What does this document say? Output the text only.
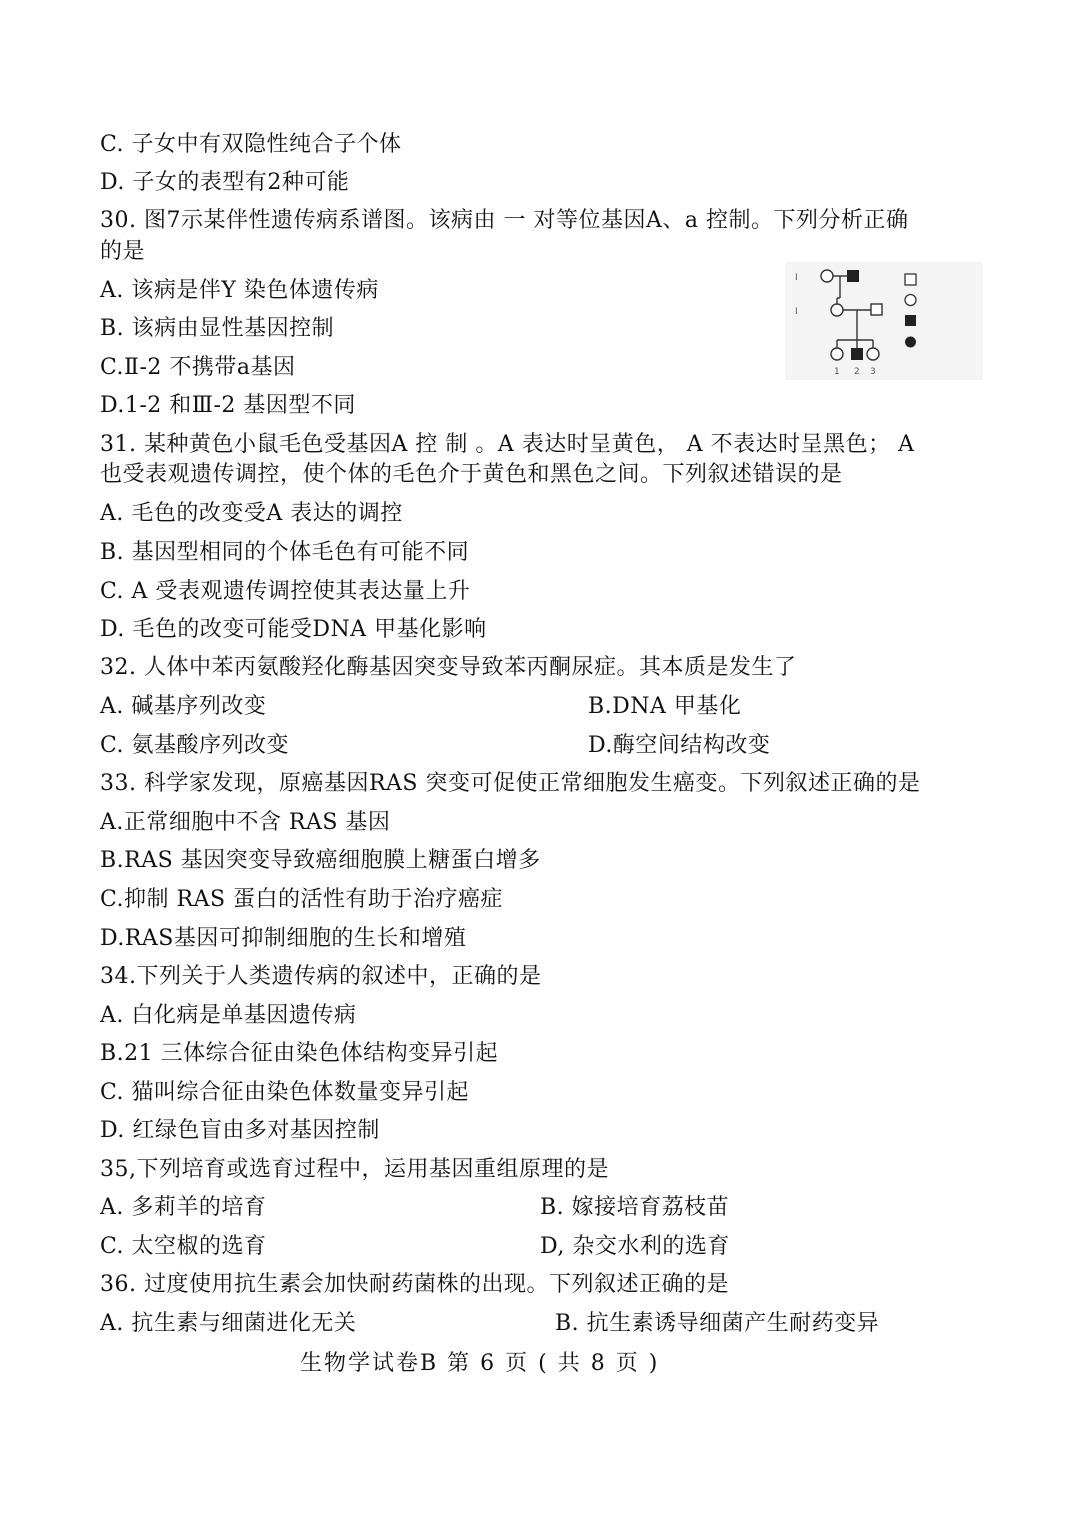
C. 子女中有双隐性纯合子个体
D. 子女的表型有2种可能
30. 图7示某伴性遗传病系谱图。该病由 一 对等位基因A、a 控制。下列分析正确
的是
A. 该病是伴Y 染色体遗传病
B. 该病由显性基因控制
C.Ⅱ-2 不携带a基因
D.1-2 和Ⅲ-2 基因型不同
I
I
1 2 3
31. 某种黄色小鼠毛色受基因A 控 制 。A 表达时呈黄色， A 不表达时呈黑色； A
也受表观遗传调控，使个体的毛色介于黄色和黑色之间。下列叙述错误的是
A. 毛色的改变受A 表达的调控
B. 基因型相同的个体毛色有可能不同
C. A 受表观遗传调控使其表达量上升
D. 毛色的改变可能受DNA 甲基化影响
32. 人体中苯丙氨酸羟化酶基因突变导致苯丙酮尿症。其本质是发生了
A. 碱基序列改变	B.DNA 甲基化
C. 氨基酸序列改变	D.酶空间结构改变
33. 科学家发现，原癌基因RAS 突变可促使正常细胞发生癌变。下列叙述正确的是
A.正常细胞中不含 RAS 基因
B.RAS 基因突变导致癌细胞膜上糖蛋白增多
C.抑制 RAS 蛋白的活性有助于治疗癌症
D.RAS基因可抑制细胞的生长和增殖
34.下列关于人类遗传病的叙述中，正确的是
A. 白化病是单基因遗传病
B.21 三体综合征由染色体结构变异引起
C. 猫叫综合征由染色体数量变异引起
D. 红绿色盲由多对基因控制
35,下列培育或选育过程中，运用基因重组原理的是
A. 多莉羊的培育	B. 嫁接培育荔枝苗
C. 太空椒的选育	D, 杂交水利的选育
36. 过度使用抗生素会加快耐药菌株的出现。下列叙述正确的是
A. 抗生素与细菌进化无关	B. 抗生素诱导细菌产生耐药变异
生物学试卷B 第 6 页 ( 共 8 页 )
